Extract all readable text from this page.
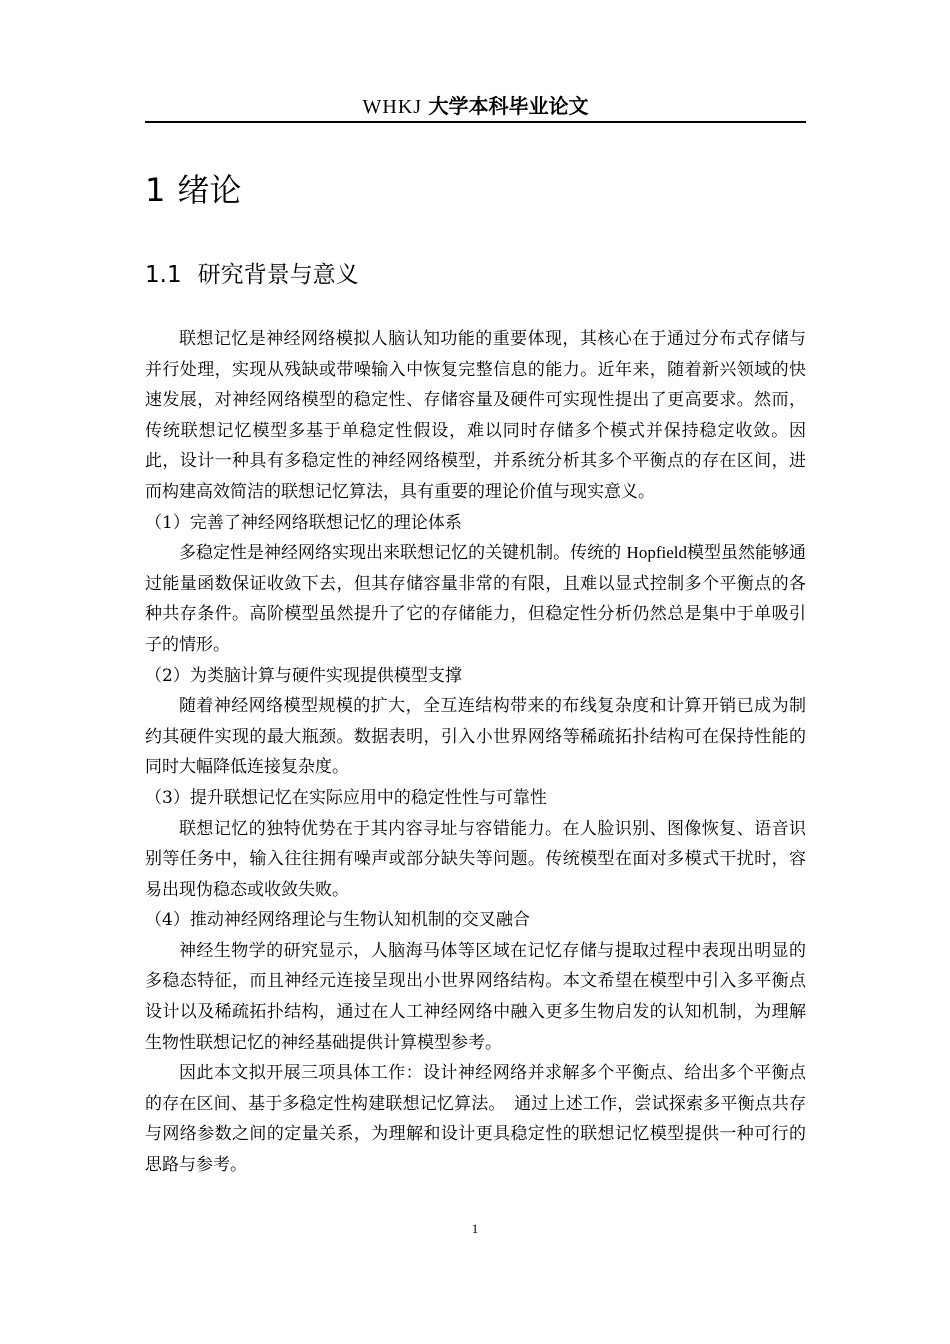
WHKJ 大学本科毕业论文
1 绪论
1.1 研究背景与意义

联想记忆是神经网络模拟人脑认知功能的重要体现，其核心在于通过分布式存储与并行处理，实现从残缺或带噪输入中恢复完整信息的能力。近年来，随着新兴领域的快速发展，对神经网络模型的稳定性、存储容量及硬件可实现性提出了更高要求。然而，传统联想记忆模型多基于单稳定性假设，难以同时存储多个模式并保持稳定收敛。因此，设计一种具有多稳定性的神经网络模型，并系统分析其多个平衡点的存在区间，进而构建高效简洁的联想记忆算法，具有重要的理论价值与现实意义。

（1）完善了神经网络联想记忆的理论体系

多稳定性是神经网络实现出来联想记忆的关键机制。传统的 Hopfield模型虽然能够通过能量函数保证收敛下去，但其存储容量非常的有限，且难以显式控制多个平衡点的各种共存条件。高阶模型虽然提升了它的存储能力，但稳定性分析仍然总是集中于单吸引子的情形。

（2）为类脑计算与硬件实现提供模型支撑

随着神经网络模型规模的扩大，全互连结构带来的布线复杂度和计算开销已成为制约其硬件实现的最大瓶颈。数据表明，引入小世界网络等稀疏拓扑结构可在保持性能的同时大幅降低连接复杂度。

（3）提升联想记忆在实际应用中的稳定性性与可靠性

联想记忆的独特优势在于其内容寻址与容错能力。在人脸识别、图像恢复、语音识别等任务中，输入往往拥有噪声或部分缺失等问题。传统模型在面对多模式干扰时，容易出现伪稳态或收敛失败。

（4）推动神经网络理论与生物认知机制的交叉融合

神经生物学的研究显示，人脑海马体等区域在记忆存储与提取过程中表现出明显的多稳态特征，而且神经元连接呈现出小世界网络结构。本文希望在模型中引入多平衡点设计以及稀疏拓扑结构，通过在人工神经网络中融入更多生物启发的认知机制，为理解生物性联想记忆的神经基础提供计算模型参考。

因此本文拟开展三项具体工作：设计神经网络并求解多个平衡点、给出多个平衡点的存在区间、基于多稳定性构建联想记忆算法。　通过上述工作，尝试探索多平衡点共存与网络参数之间的定量关系，为理解和设计更具稳定性的联想记忆模型提供一种可行的思路与参考。

1
